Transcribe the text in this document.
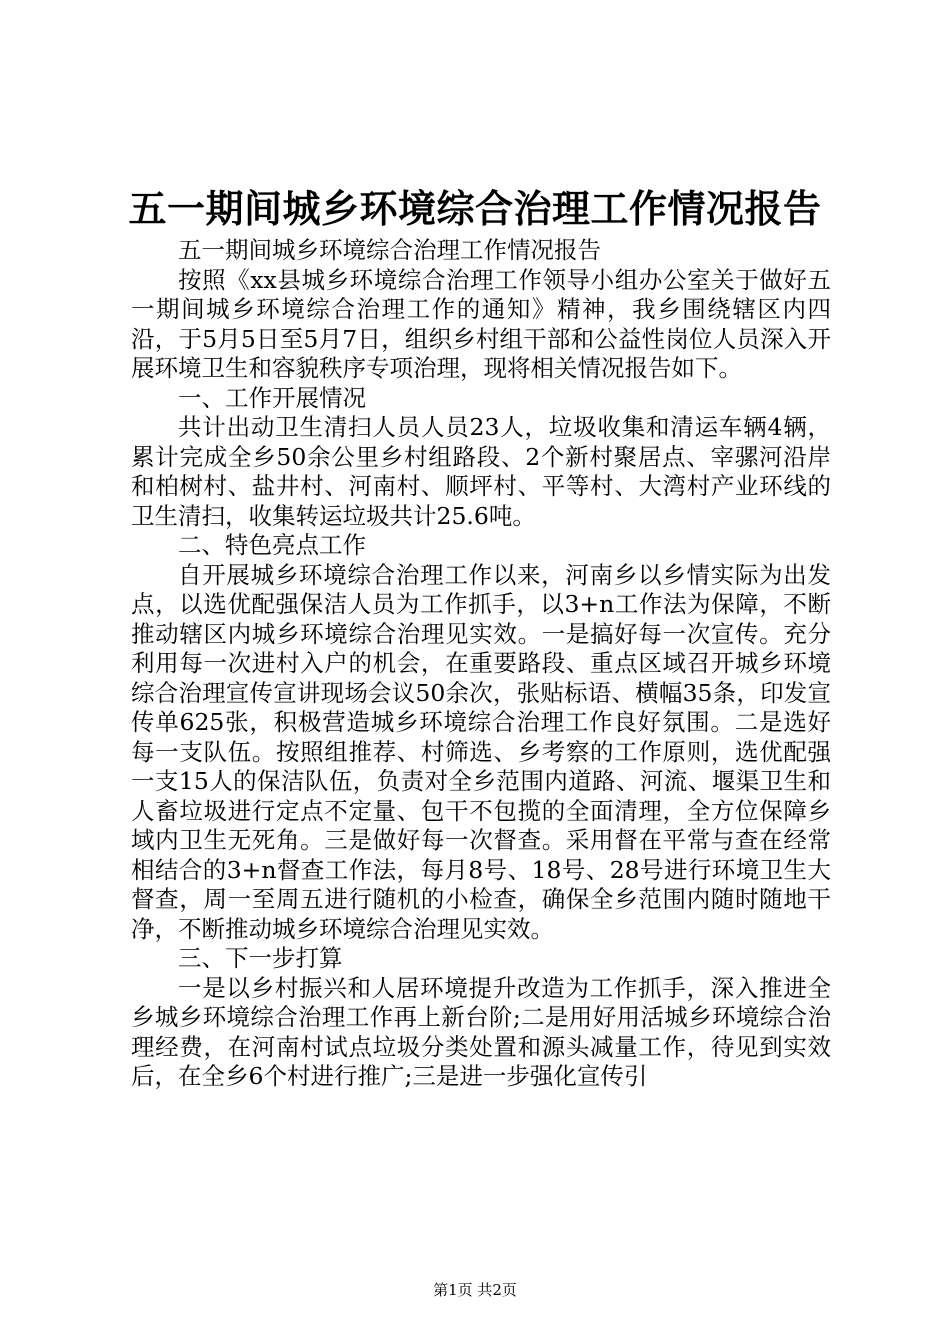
五一期间城乡环境综合治理工作情况报告

五一期间城乡环境综合治理工作情况报告

按照《xx县城乡环境综合治理工作领导小组办公室关于做好五一期间城乡环境综合治理工作的通知》精神，我乡围绕辖区内四沿，于5月5日至5月7日，组织乡村组干部和公益性岗位人员深入开展环境卫生和容貌秩序专项治理，现将相关情况报告如下。

一、工作开展情况

共计出动卫生清扫人员人员23人，垃圾收集和清运车辆4辆，累计完成全乡50余公里乡村组路段、2个新村聚居点、宰骡河沿岸和柏树村、盐井村、河南村、顺坪村、平等村、大湾村产业环线的卫生清扫，收集转运垃圾共计25.6吨。

二、特色亮点工作

自开展城乡环境综合治理工作以来，河南乡以乡情实际为出发点，以选优配强保洁人员为工作抓手，以3+n工作法为保障，不断推动辖区内城乡环境综合治理见实效。一是搞好每一次宣传。充分利用每一次进村入户的机会，在重要路段、重点区域召开城乡环境综合治理宣传宣讲现场会议50余次，张贴标语、横幅35条，印发宣传单625张，积极营造城乡环境综合治理工作良好氛围。二是选好每一支队伍。按照组推荐、村筛选、乡考察的工作原则，选优配强一支15人的保洁队伍，负责对全乡范围内道路、河流、堰渠卫生和人畜垃圾进行定点不定量、包干不包揽的全面清理，全方位保障乡域内卫生无死角。三是做好每一次督查。采用督在平常与查在经常相结合的3+n督查工作法，每月8号、18号、28号进行环境卫生大督查，周一至周五进行随机的小检查，确保全乡范围内随时随地干净，不断推动城乡环境综合治理见实效。

三、下一步打算

一是以乡村振兴和人居环境提升改造为工作抓手，深入推进全乡城乡环境综合治理工作再上新台阶;二是用好用活城乡环境综合治理经费，在河南村试点垃圾分类处置和源头减量工作，待见到实效后，在全乡6个村进行推广;三是进一步强化宣传引

第1页 共2页
